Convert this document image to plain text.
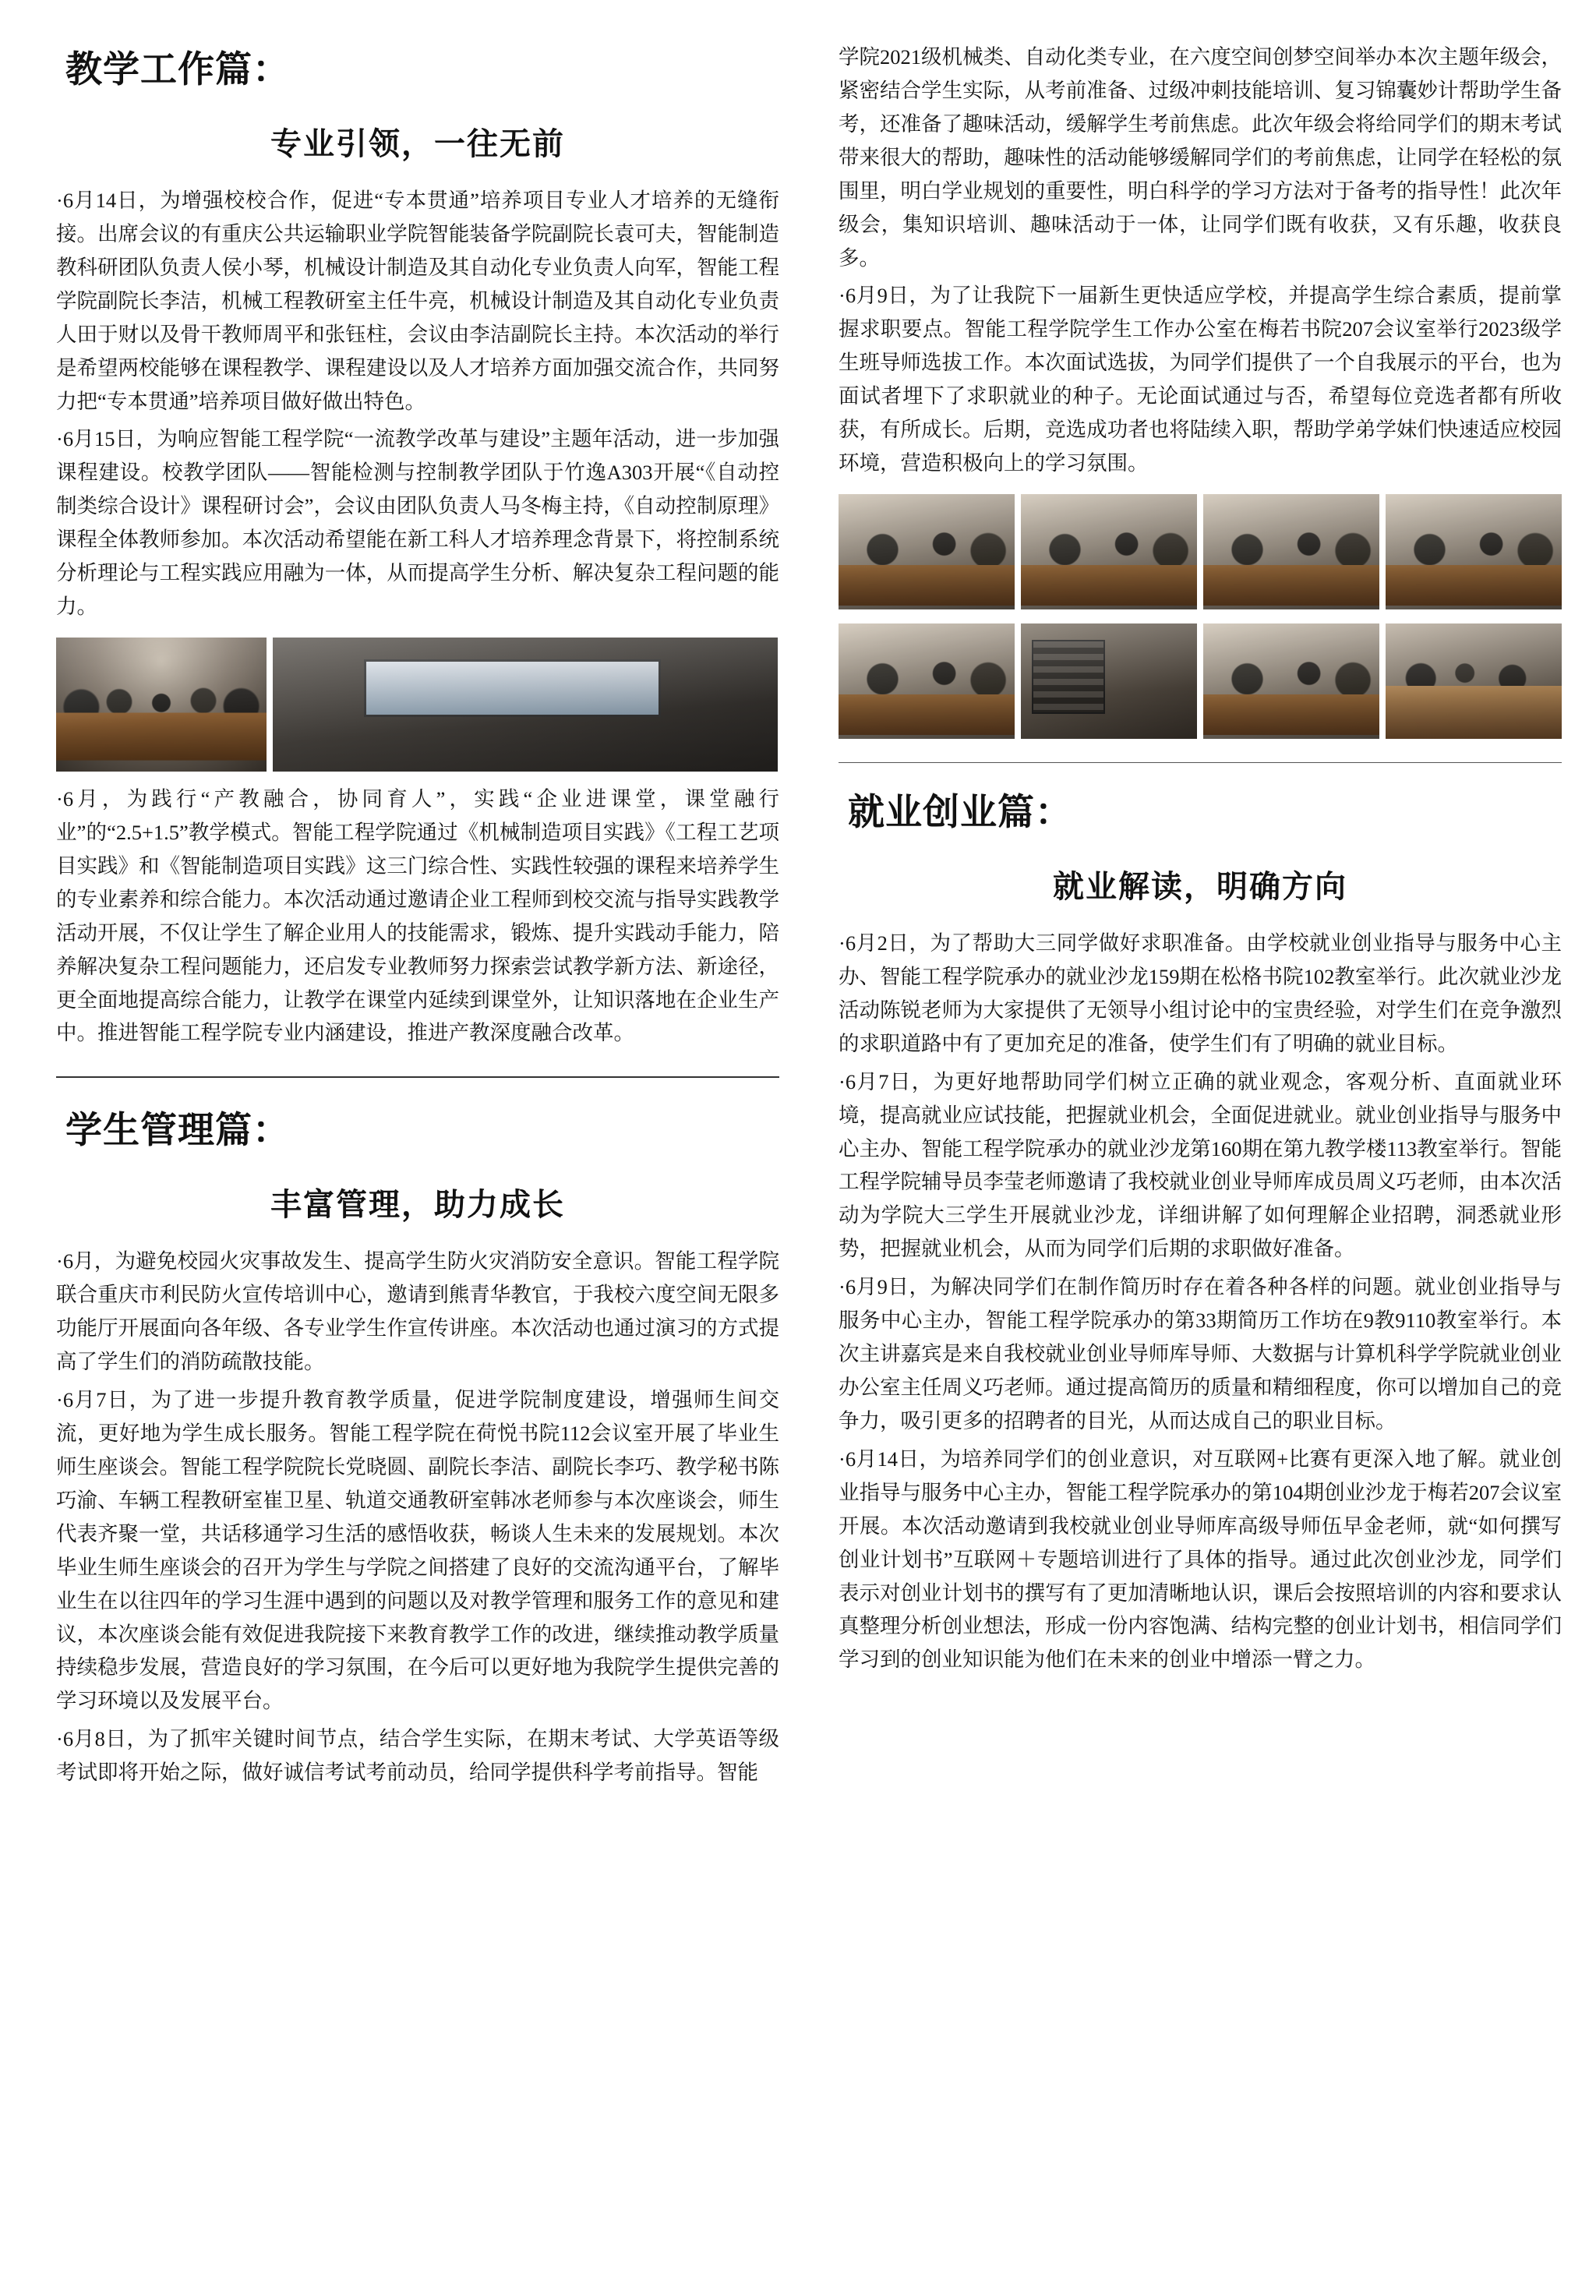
教学工作篇：
专业引领，一往无前

·6月14日，为增强校校合作，促进“专本贯通”培养项目专业人才培养的无缝衔接。出席会议的有重庆公共运输职业学院智能装备学院副院长袁可夫，智能制造教科研团队负责人侯小琴，机械设计制造及其自动化专业负责人向军，智能工程学院副院长李洁，机械工程教研室主任牛亮，机械设计制造及其自动化专业负责人田于财以及骨干教师周平和张钰柱，会议由李洁副院长主持。本次活动的举行是希望两校能够在课程教学、课程建设以及人才培养方面加强交流合作，共同努力把“专本贯通”培养项目做好做出特色。

·6月15日，为响应智能工程学院“一流教学改革与建设”主题年活动，进一步加强课程建设。校教学团队——智能检测与控制教学团队于竹逸A303开展“《自动控制类综合设计》课程研讨会”，会议由团队负责人马冬梅主持，《自动控制原理》课程全体教师参加。本次活动希望能在新工科人才培养理念背景下，将控制系统分析理论与工程实践应用融为一体，从而提高学生分析、解决复杂工程问题的能力。

·6月，为践行“产教融合，协同育人”，实践“企业进课堂，课堂融行业”的“2.5+1.5”教学模式。智能工程学院通过《机械制造项目实践》《工程工艺项目实践》和《智能制造项目实践》这三门综合性、实践性较强的课程来培养学生的专业素养和综合能力。本次活动通过邀请企业工程师到校交流与指导实践教学活动开展，不仅让学生了解企业用人的技能需求，锻炼、提升实践动手能力，陪养解决复杂工程问题能力，还启发专业教师努力探索尝试教学新方法、新途径，更全面地提高综合能力，让教学在课堂内延续到课堂外，让知识落地在企业生产中。推进智能工程学院专业内涵建设，推进产教深度融合改革。

学生管理篇：
丰富管理，助力成长

·6月，为避免校园火灾事故发生、提高学生防火灾消防安全意识。智能工程学院联合重庆市利民防火宣传培训中心，邀请到熊青华教官，于我校六度空间无限多功能厅开展面向各年级、各专业学生作宣传讲座。本次活动也通过演习的方式提高了学生们的消防疏散技能。

·6月7日，为了进一步提升教育教学质量，促进学院制度建设，增强师生间交流，更好地为学生成长服务。智能工程学院在荷悦书院112会议室开展了毕业生师生座谈会。智能工程学院院长党晓圆、副院长李洁、副院长李巧、教学秘书陈巧渝、车辆工程教研室崔卫星、轨道交通教研室韩冰老师参与本次座谈会，师生代表齐聚一堂，共话移通学习生活的感悟收获，畅谈人生未来的发展规划。本次毕业生师生座谈会的召开为学生与学院之间搭建了良好的交流沟通平台，了解毕业生在以往四年的学习生涯中遇到的问题以及对教学管理和服务工作的意见和建议，本次座谈会能有效促进我院接下来教育教学工作的改进，继续推动教学质量持续稳步发展，营造良好的学习氛围，在今后可以更好地为我院学生提供完善的学习环境以及发展平台。

·6月8日，为了抓牢关键时间节点，结合学生实际，在期末考试、大学英语等级考试即将开始之际，做好诚信考试考前动员，给同学提供科学考前指导。智能

学院2021级机械类、自动化类专业，在六度空间创梦空间举办本次主题年级会，紧密结合学生实际，从考前准备、过级冲刺技能培训、复习锦囊妙计帮助学生备考，还准备了趣味活动，缓解学生考前焦虑。此次年级会将给同学们的期末考试带来很大的帮助，趣味性的活动能够缓解同学们的考前焦虑，让同学在轻松的氛围里，明白学业规划的重要性，明白科学的学习方法对于备考的指导性！此次年级会，集知识培训、趣味活动于一体，让同学们既有收获，又有乐趣，收获良多。

·6月9日，为了让我院下一届新生更快适应学校，并提高学生综合素质，提前掌握求职要点。智能工程学院学生工作办公室在梅若书院207会议室举行2023级学生班导师选拔工作。本次面试选拔，为同学们提供了一个自我展示的平台，也为面试者埋下了求职就业的种子。无论面试通过与否，希望每位竞选者都有所收获，有所成长。后期，竞选成功者也将陆续入职，帮助学弟学妹们快速适应校园环境，营造积极向上的学习氛围。

就业创业篇：
就业解读，明确方向

·6月2日，为了帮助大三同学做好求职准备。由学校就业创业指导与服务中心主办、智能工程学院承办的就业沙龙159期在松格书院102教室举行。此次就业沙龙活动陈锐老师为大家提供了无领导小组讨论中的宝贵经验，对学生们在竞争激烈的求职道路中有了更加充足的准备，使学生们有了明确的就业目标。

·6月7日，为更好地帮助同学们树立正确的就业观念，客观分析、直面就业环境，提高就业应试技能，把握就业机会，全面促进就业。就业创业指导与服务中心主办、智能工程学院承办的就业沙龙第160期在第九教学楼113教室举行。智能工程学院辅导员李莹老师邀请了我校就业创业导师库成员周义巧老师，由本次活动为学院大三学生开展就业沙龙，详细讲解了如何理解企业招聘，洞悉就业形势，把握就业机会，从而为同学们后期的求职做好准备。

·6月9日，为解决同学们在制作简历时存在着各种各样的问题。就业创业指导与服务中心主办，智能工程学院承办的第33期简历工作坊在9教9110教室举行。本次主讲嘉宾是来自我校就业创业导师库导师、大数据与计算机科学学院就业创业办公室主任周义巧老师。通过提高简历的质量和精细程度，你可以增加自己的竞争力，吸引更多的招聘者的目光，从而达成自己的职业目标。

·6月14日，为培养同学们的创业意识，对互联网+比赛有更深入地了解。就业创业指导与服务中心主办，智能工程学院承办的第104期创业沙龙于梅若207会议室开展。本次活动邀请到我校就业创业导师库高级导师伍早金老师，就“如何撰写创业计划书”互联网＋专题培训进行了具体的指导。通过此次创业沙龙，同学们表示对创业计划书的撰写有了更加清晰地认识，课后会按照培训的内容和要求认真整理分析创业想法，形成一份内容饱满、结构完整的创业计划书，相信同学们学习到的创业知识能为他们在未来的创业中增添一臂之力。
